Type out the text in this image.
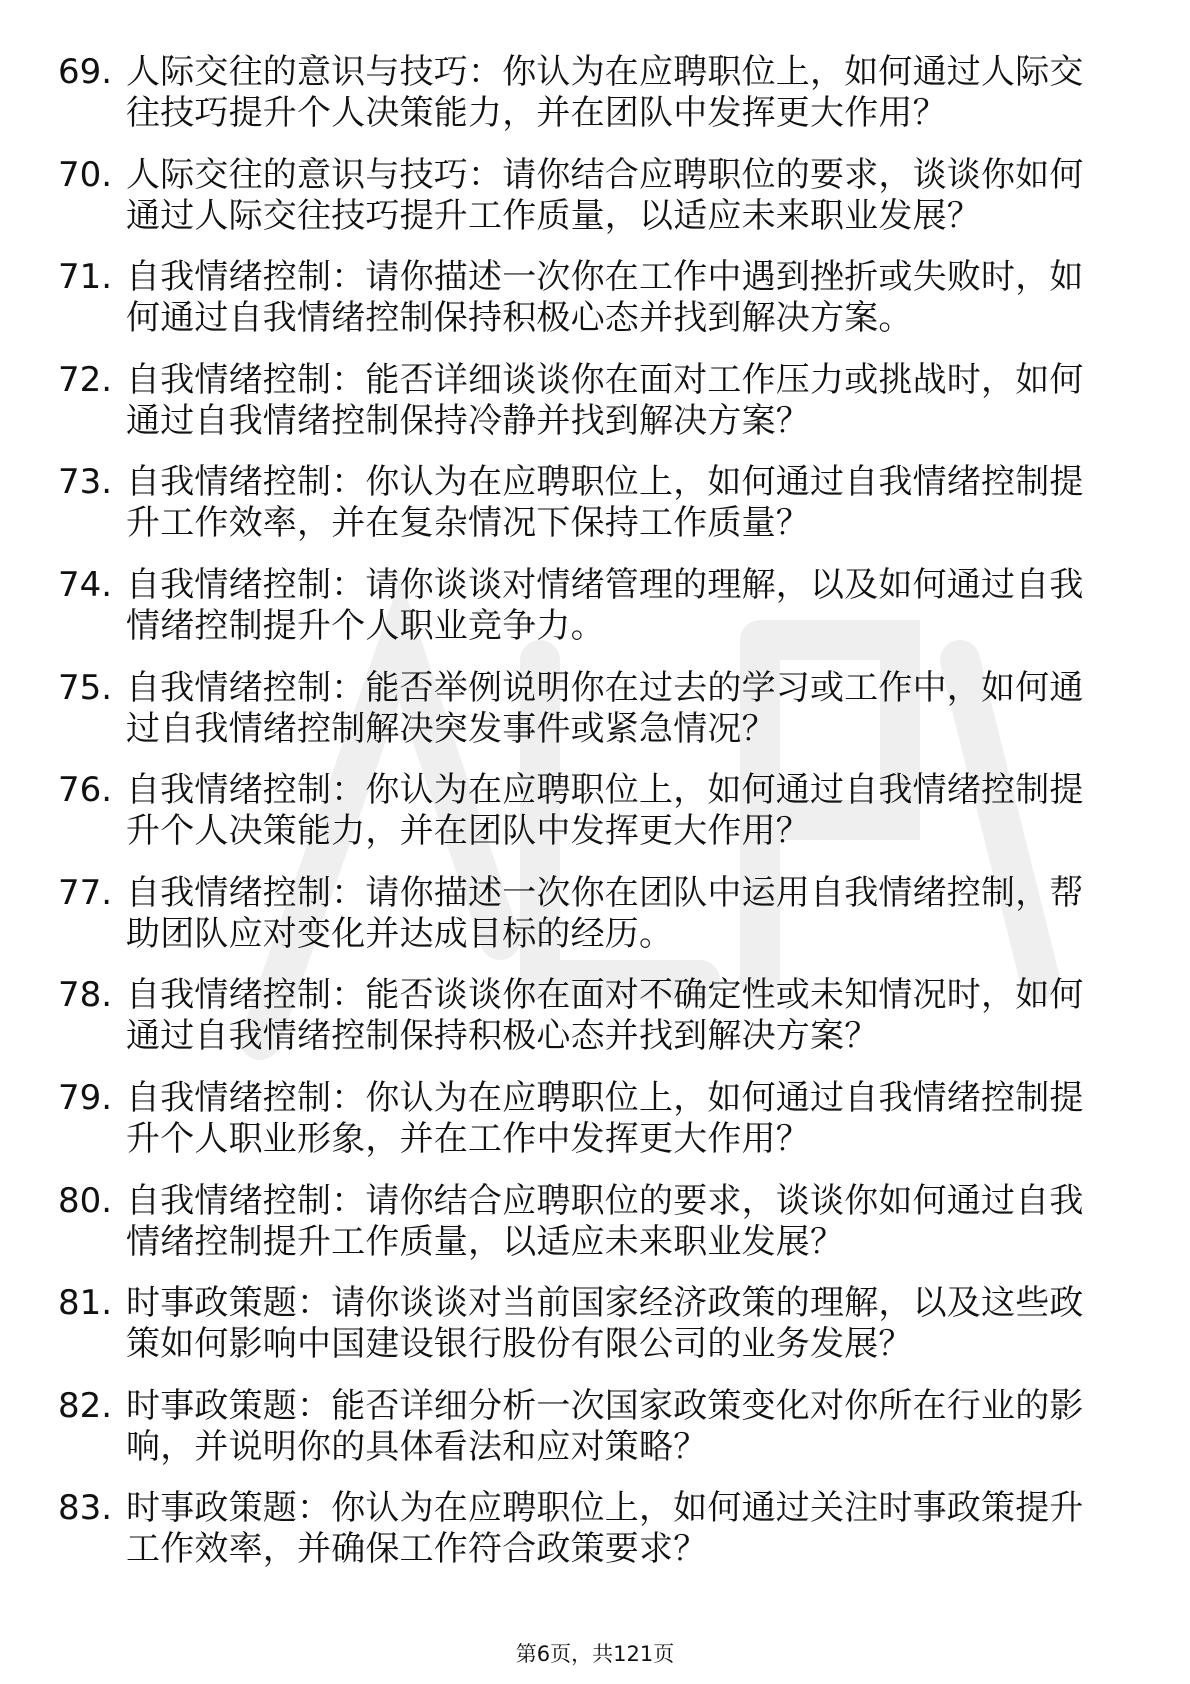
69. 人际交往的意识与技巧：你认为在应聘职位上，如何通过人际交往技巧提升个人决策能力，并在团队中发挥更大作用？
70. 人际交往的意识与技巧：请你结合应聘职位的要求，谈谈你如何通过人际交往技巧提升工作质量，以适应未来职业发展？
71. 自我情绪控制：请你描述一次你在工作中遇到挫折或失败时，如何通过自我情绪控制保持积极心态并找到解决方案。
72. 自我情绪控制：能否详细谈谈你在面对工作压力或挑战时，如何通过自我情绪控制保持冷静并找到解决方案？
73. 自我情绪控制：你认为在应聘职位上，如何通过自我情绪控制提升工作效率，并在复杂情况下保持工作质量？
74. 自我情绪控制：请你谈谈对情绪管理的理解，以及如何通过自我情绪控制提升个人职业竞争力。
75. 自我情绪控制：能否举例说明你在过去的学习或工作中，如何通过自我情绪控制解决突发事件或紧急情况？
76. 自我情绪控制：你认为在应聘职位上，如何通过自我情绪控制提升个人决策能力，并在团队中发挥更大作用？
77. 自我情绪控制：请你描述一次你在团队中运用自我情绪控制，帮助团队应对变化并达成目标的经历。
78. 自我情绪控制：能否谈谈你在面对不确定性或未知情况时，如何通过自我情绪控制保持积极心态并找到解决方案？
79. 自我情绪控制：你认为在应聘职位上，如何通过自我情绪控制提升个人职业形象，并在工作中发挥更大作用？
80. 自我情绪控制：请你结合应聘职位的要求，谈谈你如何通过自我情绪控制提升工作质量，以适应未来职业发展？
81. 时事政策题：请你谈谈对当前国家经济政策的理解，以及这些政策如何影响中国建设银行股份有限公司的业务发展？
82. 时事政策题：能否详细分析一次国家政策变化对你所在行业的影响，并说明你的具体看法和应对策略？
83. 时事政策题：你认为在应聘职位上，如何通过关注时事政策提升工作效率，并确保工作符合政策要求？
第6页，共121页
